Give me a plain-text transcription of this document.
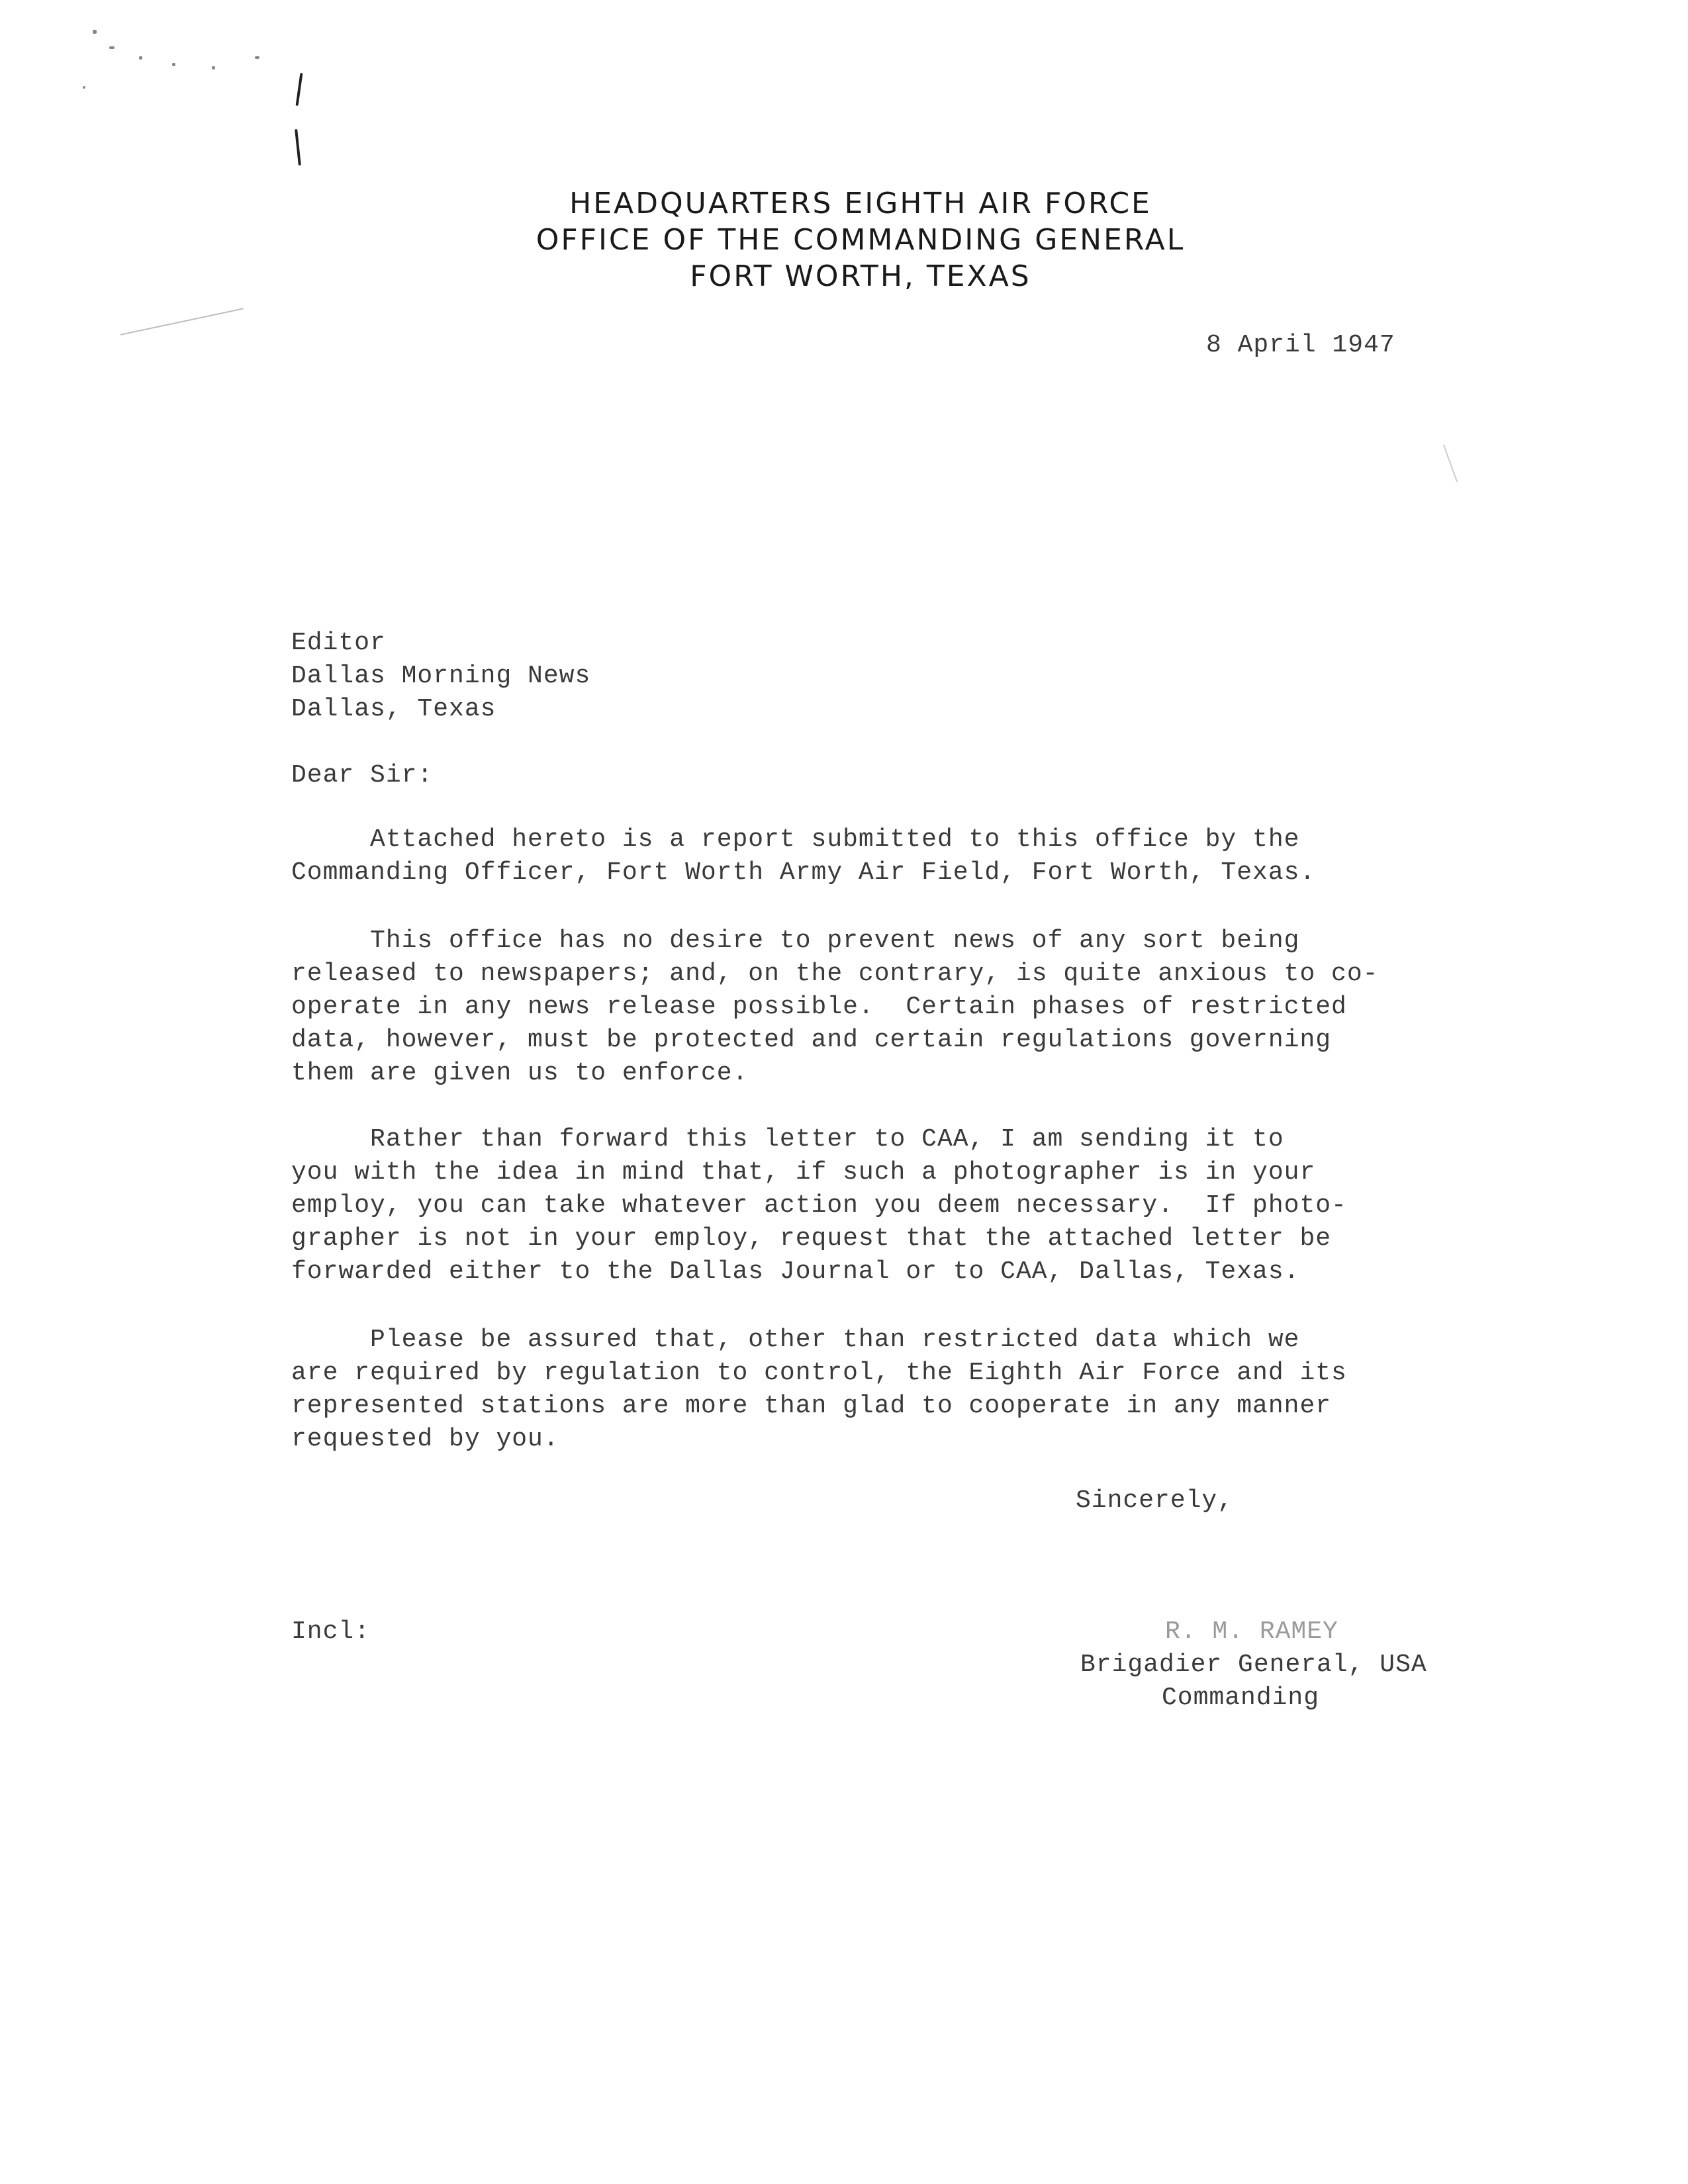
HEADQUARTERS EIGHTH AIR FORCE
OFFICE OF THE COMMANDING GENERAL
FORT WORTH, TEXAS
8 April 1947
Editor
Dallas Morning News
Dallas, Texas
Dear Sir:
Attached hereto is a report submitted to this office by the
Commanding Officer, Fort Worth Army Air Field, Fort Worth, Texas.
This office has no desire to prevent news of any sort being
released to newspapers; and, on the contrary, is quite anxious to co-
operate in any news release possible.  Certain phases of restricted
data, however, must be protected and certain regulations governing
them are given us to enforce.
Rather than forward this letter to CAA, I am sending it to
you with the idea in mind that, if such a photographer is in your
employ, you can take whatever action you deem necessary.  If photo-
grapher is not in your employ, request that the attached letter be
forwarded either to the Dallas Journal or to CAA, Dallas, Texas.
Please be assured that, other than restricted data which we
are required by regulation to control, the Eighth Air Force and its
represented stations are more than glad to cooperate in any manner
requested by you.
Sincerely,
Incl:	R. M. RAMEY
Brigadier General, USA
Commanding
